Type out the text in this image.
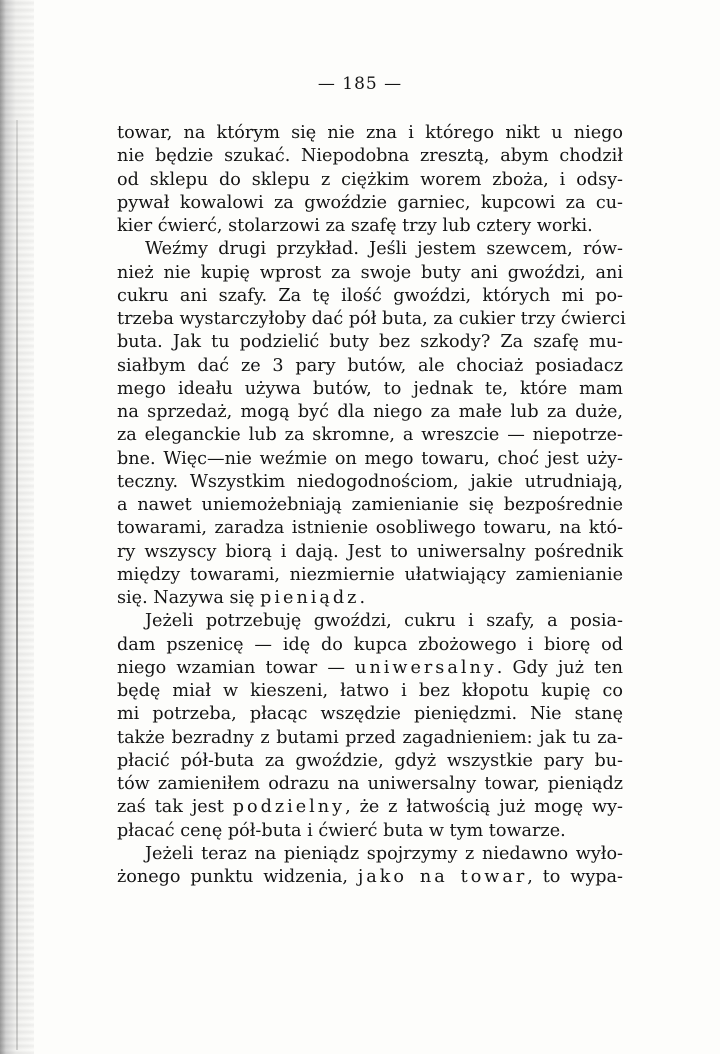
— 185 —
towar, na którym się nie zna i którego nikt u niego
nie będzie szukać. Niepodobna zresztą, abym chodził
od sklepu do sklepu z ciężkim worem zboża, i odsy-
pywał kowalowi za gwoździe garniec, kupcowi za cu-
kier ćwierć, stolarzowi za szafę trzy lub cztery worki.
Weźmy drugi przykład. Jeśli jestem szewcem, rów-
nież nie kupię wprost za swoje buty ani gwoździ, ani
cukru ani szafy. Za tę ilość gwoździ, których mi po-
trzeba wystarczyłoby dać pół buta, za cukier trzy ćwierci
buta. Jak tu podzielić buty bez szkody? Za szafę mu-
siałbym dać ze 3 pary butów, ale chociaż posiadacz
mego ideału używa butów, to jednak te, które mam
na sprzedaż, mogą być dla niego za małe lub za duże,
za eleganckie lub za skromne, a wreszcie — niepotrze-
bne. Więc—nie weźmie on mego towaru, choć jest uży-
teczny. Wszystkim niedogodnościom, jakie utrudniają,
a nawet uniemożebniają zamienianie się bezpośrednie
towarami, zaradza istnienie osobliwego towaru, na któ-
ry wszyscy biorą i dają. Jest to uniwersalny pośrednik
między towarami, niezmiernie ułatwiający zamienianie
się. Nazywa się pieniądz.
Jeżeli potrzebuję gwoździ, cukru i szafy, a posia-
dam pszenicę — idę do kupca zbożowego i biorę od
niego wzamian towar — uniwersalny. Gdy już ten
będę miał w kieszeni, łatwo i bez kłopotu kupię co
mi potrzeba, płacąc wszędzie pieniędzmi. Nie stanę
także bezradny z butami przed zagadnieniem: jak tu za-
płacić pół-buta za gwoździe, gdyż wszystkie pary bu-
tów zamieniłem odrazu na uniwersalny towar, pieniądz
zaś tak jest podzielny, że z łatwością już mogę wy-
płacać cenę pół-buta i ćwierć buta w tym towarze.
Jeżeli teraz na pieniądz spojrzymy z niedawno wyło-
żonego punktu widzenia, jako na towar, to wypa-
